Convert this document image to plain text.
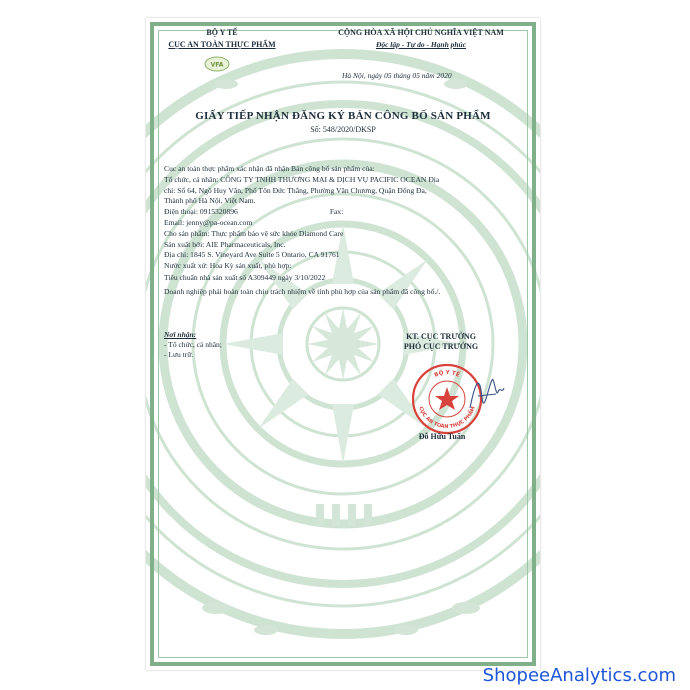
BỘ Y TẾ
CỤC AN TOÀN THỰC PHẨM
VFA
CỘNG HÒA XÃ HỘI CHỦ NGHĨA VIỆT NAM
Độc lập - Tự do - Hạnh phúc
Hà Nội, ngày 05 tháng 05 năm 2020
GIẤY TIẾP NHẬN ĐĂNG KÝ BẢN CÔNG BỐ SẢN PHẨM
Số: 548/2020/DKSP
Cục an toàn thực phẩm xác nhận đã nhận Bản công bố sản phẩm của:
Tổ chức, cá nhân: CÔNG TY TNHH THƯƠNG MẠI & DỊCH VỤ PACIFIC OCEAN Địa
chỉ: Số 64, Ngõ Huy Văn, Phố Tôn Đức Thắng, Phường Văn Chương, Quận Đống Đa,
Thành phố Hà Nội, Việt Nam.
Điện thoại: 0915320896	Fax:
Email: jenny@pa-ocean.com
Cho sản phẩm: Thực phẩm bảo vệ sức khỏe Diamond Care
Sản xuất bởi: AIE Pharmaceuticals, Inc.
Địa chỉ: 1845 S. Vineyard Ave Suite 5 Ontario, CA 91761
Nước xuất xứ: Hoa Kỳ sản xuất, phù hợp:
Tiêu chuẩn nhà sản xuất số A309449 ngày 3/10/2022
Doanh nghiệp phải hoàn toàn chịu trách nhiệm về tính phù hợp của sản phẩm đã công bố./.
Nơi nhận:
- Tổ chức, cá nhân;
- Lưu trữ.
KT. CỤC TRƯỞNG
PHÓ CỤC TRƯỞNG
BỘ Y TẾ
CỤC AN TOÀN THỰC PHẨM
Đỗ Hữu Tuấn
ShopeeAnalytics.com
